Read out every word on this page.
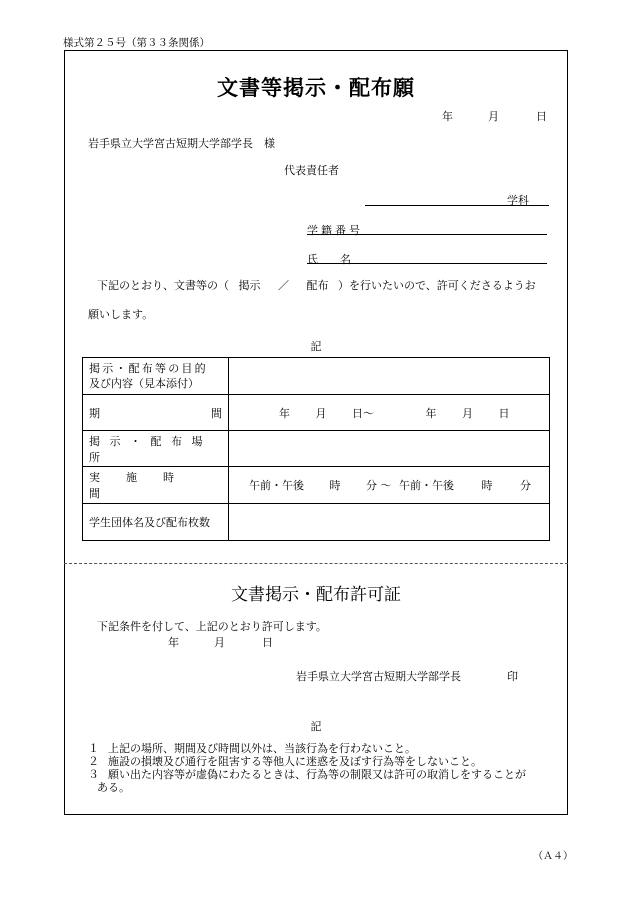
様式第２５号（第３３条関係）
文書等掲示・配布願
年	月	日
岩手県立大学宮古短期大学部学長　様
代表責任者
学科
学籍番号
氏　　名
下記のとおり、文書等の（ 掲示 ／ 配布 ）を行いたいので、許可くださるようお
願いします。
記
掲示・配布等の目的
及び内容（見本添付）	

期 間	年 月 日～ 年 月 日

掲示・配布場所	

実施時間	午前・午後 時 分 ～ 午前・午後 時 分
学生団体名及び配布枚数	
文書掲示・配布許可証
下記条件を付して、上記のとおり許可します。
年	月	日
岩手県立大学宮古短期大学部学長	印
記
１ 上記の場所、期間及び時間以外は、当該行為を行わないこと。
２ 施設の損壊及び通行を阻害する等他人に迷惑を及ぼす行為等をしないこと。
３ 願い出た内容等が虚偽にわたるときは、行為等の制限又は許可の取消しをすることが
ある。
（Ａ４）
